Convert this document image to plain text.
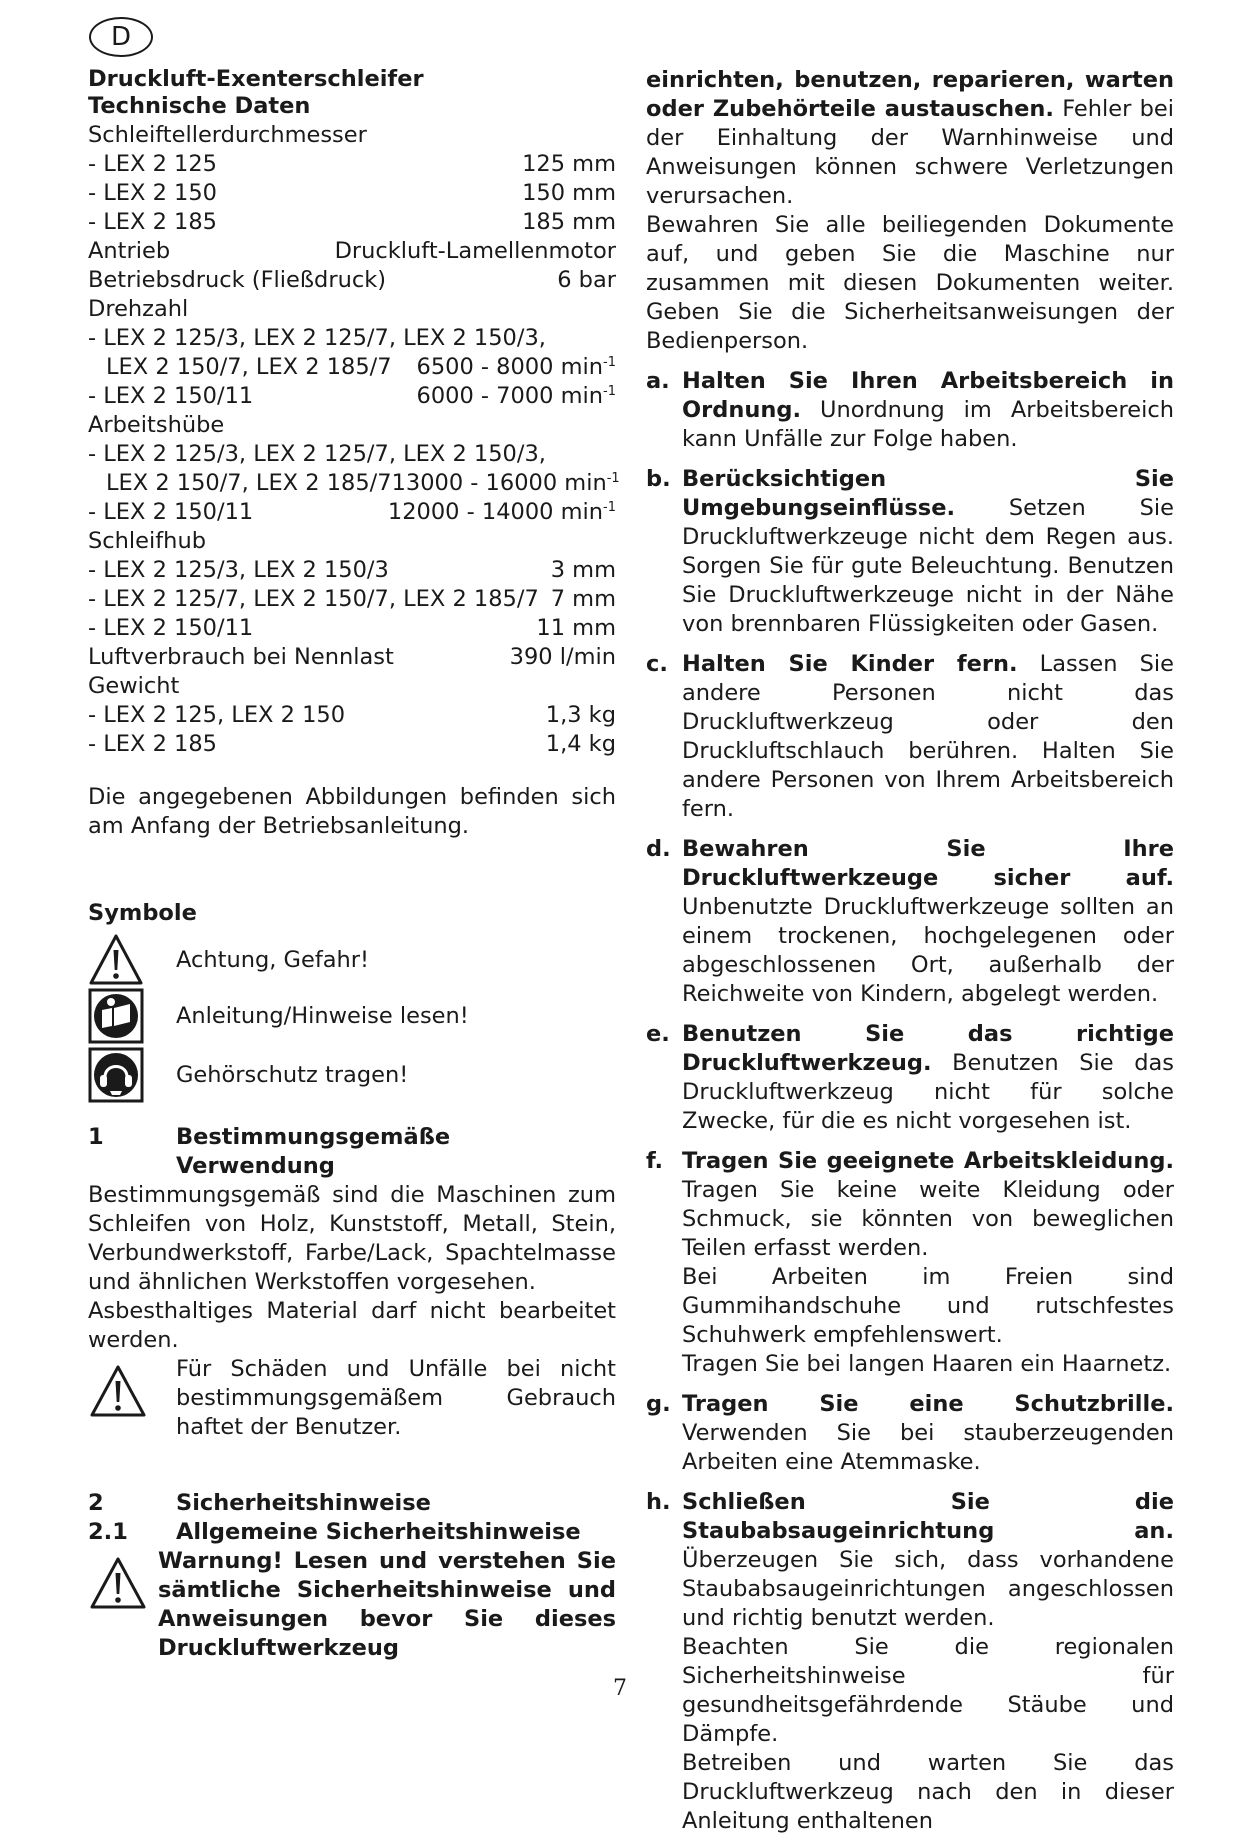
D
Druckluft-Exenterschleifer
Technische Daten
Schleiftellerdurchmesser
- LEX 2 125	125 mm
- LEX 2 150	150 mm
- LEX 2 185	185 mm
Antrieb	Druckluft-Lamellenmotor
Betriebsdruck (Fließdruck)	6 bar
Drehzahl
- LEX 2 125/3, LEX 2 125/7, LEX 2 150/3,
LEX 2 150/7, LEX 2 185/7 6500 - 8000 $\min^{-1}$
- LEX 2 150/11	6000 - 7000 $\min^{-1}$
Arbeitshübe
- LEX 2 125/3, LEX 2 125/7, LEX 2 150/3,
LEX 2 150/7, LEX 2 185/7 13000 - 16000 $\min^{-1}$
- LEX 2 150/11	12000 - 14000 $\min^{-1}$
Schleifhub
- LEX 2 125/3, LEX 2 150/3	3 mm
- LEX 2 125/7, LEX 2 150/7, LEX 2 185/7 7 mm
- LEX 2 150/11	11 mm
Luftverbrauch bei Nennlast	390 l/min
Gewicht
- LEX 2 125, LEX 2 150	1,3 kg
- LEX 2 185	1,4 kg

Die angegebenen Abbildungen befinden sich am Anfang der Betriebsanleitung.

Symbole
Achtung, Gefahr!
Anleitung/Hinweise lesen!
Gehörschutz tragen!
1	Bestimmungsgemäße Verwendung

Bestimmungsgemäß sind die Maschinen zum Schleifen von Holz, Kunststoff, Metall, Stein, Verbundwerkstoff, Farbe/Lack, Spachtelmasse und ähnlichen Werkstoffen vorgesehen.

Asbesthaltiges Material darf nicht bearbeitet werden.

Für Schäden und Unfälle bei nicht bestimmungsgemäßem Gebrauch haftet der Benutzer.

2	Sicherheitshinweise
2.1	Allgemeine Sicherheitshinweise

Warnung! Lesen und verstehen Sie sämtliche Sicherheitshinweise und Anweisungen bevor Sie dieses Druckluftwerkzeug

einrichten, benutzen, reparieren, warten oder Zubehörteile austauschen. Fehler bei der Einhaltung der Warnhinweise und Anweisungen können schwere Verletzungen verursachen.

Bewahren Sie alle beiliegenden Dokumente auf, und geben Sie die Maschine nur zusammen mit diesen Dokumenten weiter. Geben Sie die Sicherheitsanweisungen der Bedienperson.

a. Halten Sie Ihren Arbeitsbereich in Ordnung. Unordnung im Arbeitsbereich kann Unfälle zur Folge haben.

b. Berücksichtigen Sie Umgebungseinflüsse. Setzen Sie Druckluftwerkzeuge nicht dem Regen aus. Sorgen Sie für gute Beleuchtung. Benutzen Sie Druckluftwerkzeuge nicht in der Nähe von brennbaren Flüssigkeiten oder Gasen.

c. Halten Sie Kinder fern. Lassen Sie andere Personen nicht das Druckluftwerkzeug oder den Druckluftschlauch berühren. Halten Sie andere Personen von Ihrem Arbeitsbereich fern.

d. Bewahren Sie Ihre Druckluftwerkzeuge sicher auf. Unbenutzte Druckluftwerkzeuge sollten an einem trockenen, hochgelegenen oder abgeschlossenen Ort, außerhalb der Reichweite von Kindern, abgelegt werden.

e. Benutzen Sie das richtige Druckluftwerkzeug. Benutzen Sie das Druckluftwerkzeug nicht für solche Zwecke, für die es nicht vorgesehen ist.

f. Tragen Sie geeignete Arbeitskleidung. Tragen Sie keine weite Kleidung oder Schmuck, sie könnten von beweglichen Teilen erfasst werden.

Bei Arbeiten im Freien sind Gummihandschuhe und rutschfestes Schuhwerk empfehlenswert.

Tragen Sie bei langen Haaren ein Haarnetz.

g. Tragen Sie eine Schutzbrille. Verwenden Sie bei stauberzeugenden Arbeiten eine Atemmaske.

h. Schließen Sie die Staubabsaugeinrichtung an. Überzeugen Sie sich, dass vorhandene Staubabsaugeinrichtungen angeschlossen und richtig benutzt werden.

Beachten Sie die regionalen Sicherheitshinweise für gesundheitsgefährdende Stäube und Dämpfe.

Betreiben und warten Sie das Druckluftwerkzeug nach den in dieser Anleitung enthaltenen

7
